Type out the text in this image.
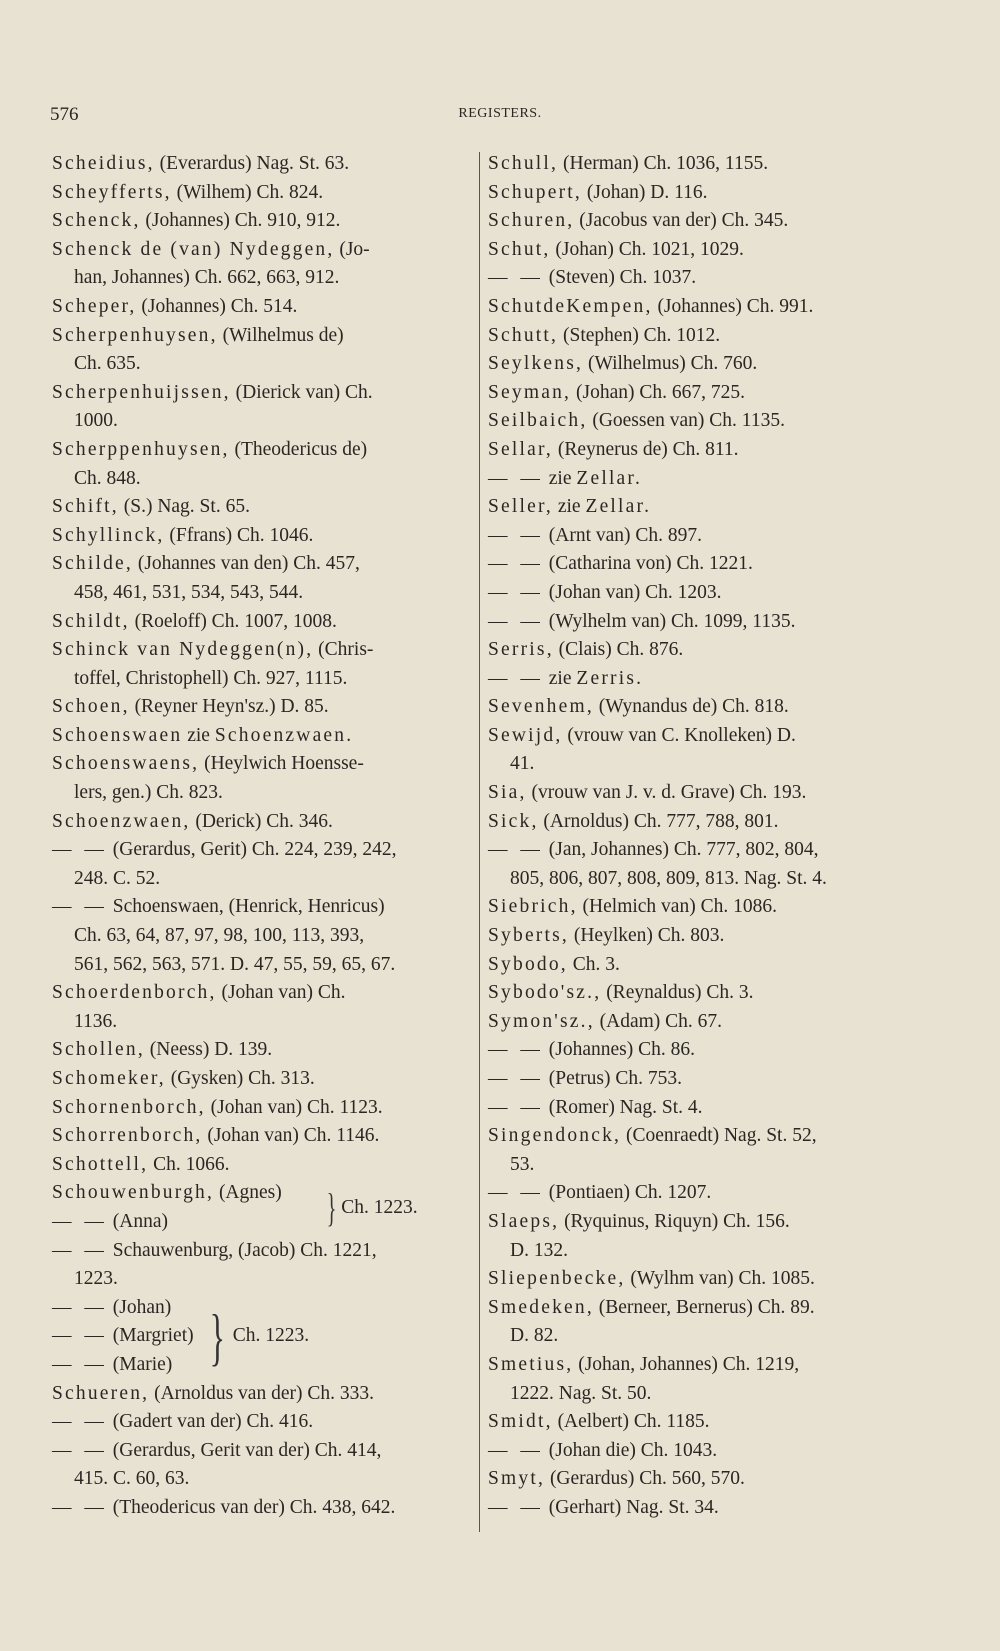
576	REGISTERS.
Scheidius, (Everardus) Nag. St. 63.
Scheyfferts, (Wilhem) Ch. 824.
Schenck, (Johannes) Ch. 910, 912.
Schenck de (van) Nydeggen, (Jo-
han, Johannes) Ch. 662, 663, 912.
Scheper, (Johannes) Ch. 514.
Scherpenhuysen, (Wilhelmus de)
Ch. 635.
Scherpenhuijssen, (Dierick van) Ch.
1000.
Scherppenhuysen, (Theodericus de)
Ch. 848.
Schift, (S.) Nag. St. 65.
Schyllinck, (Ffrans) Ch. 1046.
Schilde, (Johannes van den) Ch. 457,
458, 461, 531, 534, 543, 544.
Schildt, (Roeloff) Ch. 1007, 1008.
Schinck van Nydeggen(n), (Chris-
toffel, Christophell) Ch. 927, 1115.
Schoen, (Reyner Heyn'sz.) D. 85.
Schoenswaen zie Schoenzwaen.
Schoenswaens, (Heylwich Hoensse-
lers, gen.) Ch. 823.
Schoenzwaen, (Derick) Ch. 346.
— — (Gerardus, Gerit) Ch. 224, 239, 242,
248. C. 52.
— — Schoenswaen, (Henrick, Henricus)
Ch. 63, 64, 87, 97, 98, 100, 113, 393,
561, 562, 563, 571. D. 47, 55, 59, 65, 67.
Schoerdenborch, (Johan van) Ch.
1136.
Schollen, (Neess) D. 139.
Schomeker, (Gysken) Ch. 313.
Schornenborch, (Johan van) Ch. 1123.
Schorrenborch, (Johan van) Ch. 1146.
Schottell, Ch. 1066.
Schouwenburgh, (Agnes)
— — (Anna)	} Ch. 1223.
— — Schauwenburg, (Jacob) Ch. 1221,
1223.
— — (Johan)
— — (Margriet)
— — (Marie) } Ch. 1223.
Schueren, (Arnoldus van der) Ch. 333.
— — (Gadert van der) Ch. 416.
— — (Gerardus, Gerit van der) Ch. 414,
415. C. 60, 63.
— — (Theodericus van der) Ch. 438, 642.
Schull, (Herman) Ch. 1036, 1155.
Schupert, (Johan) D. 116.
Schuren, (Jacobus van der) Ch. 345.
Schut, (Johan) Ch. 1021, 1029.
— — (Steven) Ch. 1037.
SchutdeKempen, (Johannes) Ch. 991.
Schutt, (Stephen) Ch. 1012.
Seylkens, (Wilhelmus) Ch. 760.
Seyman, (Johan) Ch. 667, 725.
Seilbaich, (Goessen van) Ch. 1135.
Sellar, (Reynerus de) Ch. 811.
— — zie Zellar.
Seller, zie Zellar.
— — (Arnt van) Ch. 897.
— — (Catharina von) Ch. 1221.
— — (Johan van) Ch. 1203.
— — (Wylhelm van) Ch. 1099, 1135.
Serris, (Clais) Ch. 876.
— — zie Zerris.
Sevenhem, (Wynandus de) Ch. 818.
Sewijd, (vrouw van C. Knolleken) D.
41.
Sia, (vrouw van J. v. d. Grave) Ch. 193.
Sick, (Arnoldus) Ch. 777, 788, 801.
— — (Jan, Johannes) Ch. 777, 802, 804,
805, 806, 807, 808, 809, 813. Nag. St. 4.
Siebrich, (Helmich van) Ch. 1086.
Syberts, (Heylken) Ch. 803.
Sybodo, Ch. 3.
Sybodo'sz., (Reynaldus) Ch. 3.
Symon'sz., (Adam) Ch. 67.
— — (Johannes) Ch. 86.
— — (Petrus) Ch. 753.
— — (Romer) Nag. St. 4.
Singendonck, (Coenraedt) Nag. St. 52,
53.
— — (Pontiaen) Ch. 1207.
Slaeps, (Ryquinus, Riquyn) Ch. 156.
D. 132.
Sliepenbecke, (Wylhm van) Ch. 1085.
Smedeken, (Berneer, Bernerus) Ch. 89.
D. 82.
Smetius, (Johan, Johannes) Ch. 1219,
1222. Nag. St. 50.
Smidt, (Aelbert) Ch. 1185.
— — (Johan die) Ch. 1043.
Smyt, (Gerardus) Ch. 560, 570.
— — (Gerhart) Nag. St. 34.
